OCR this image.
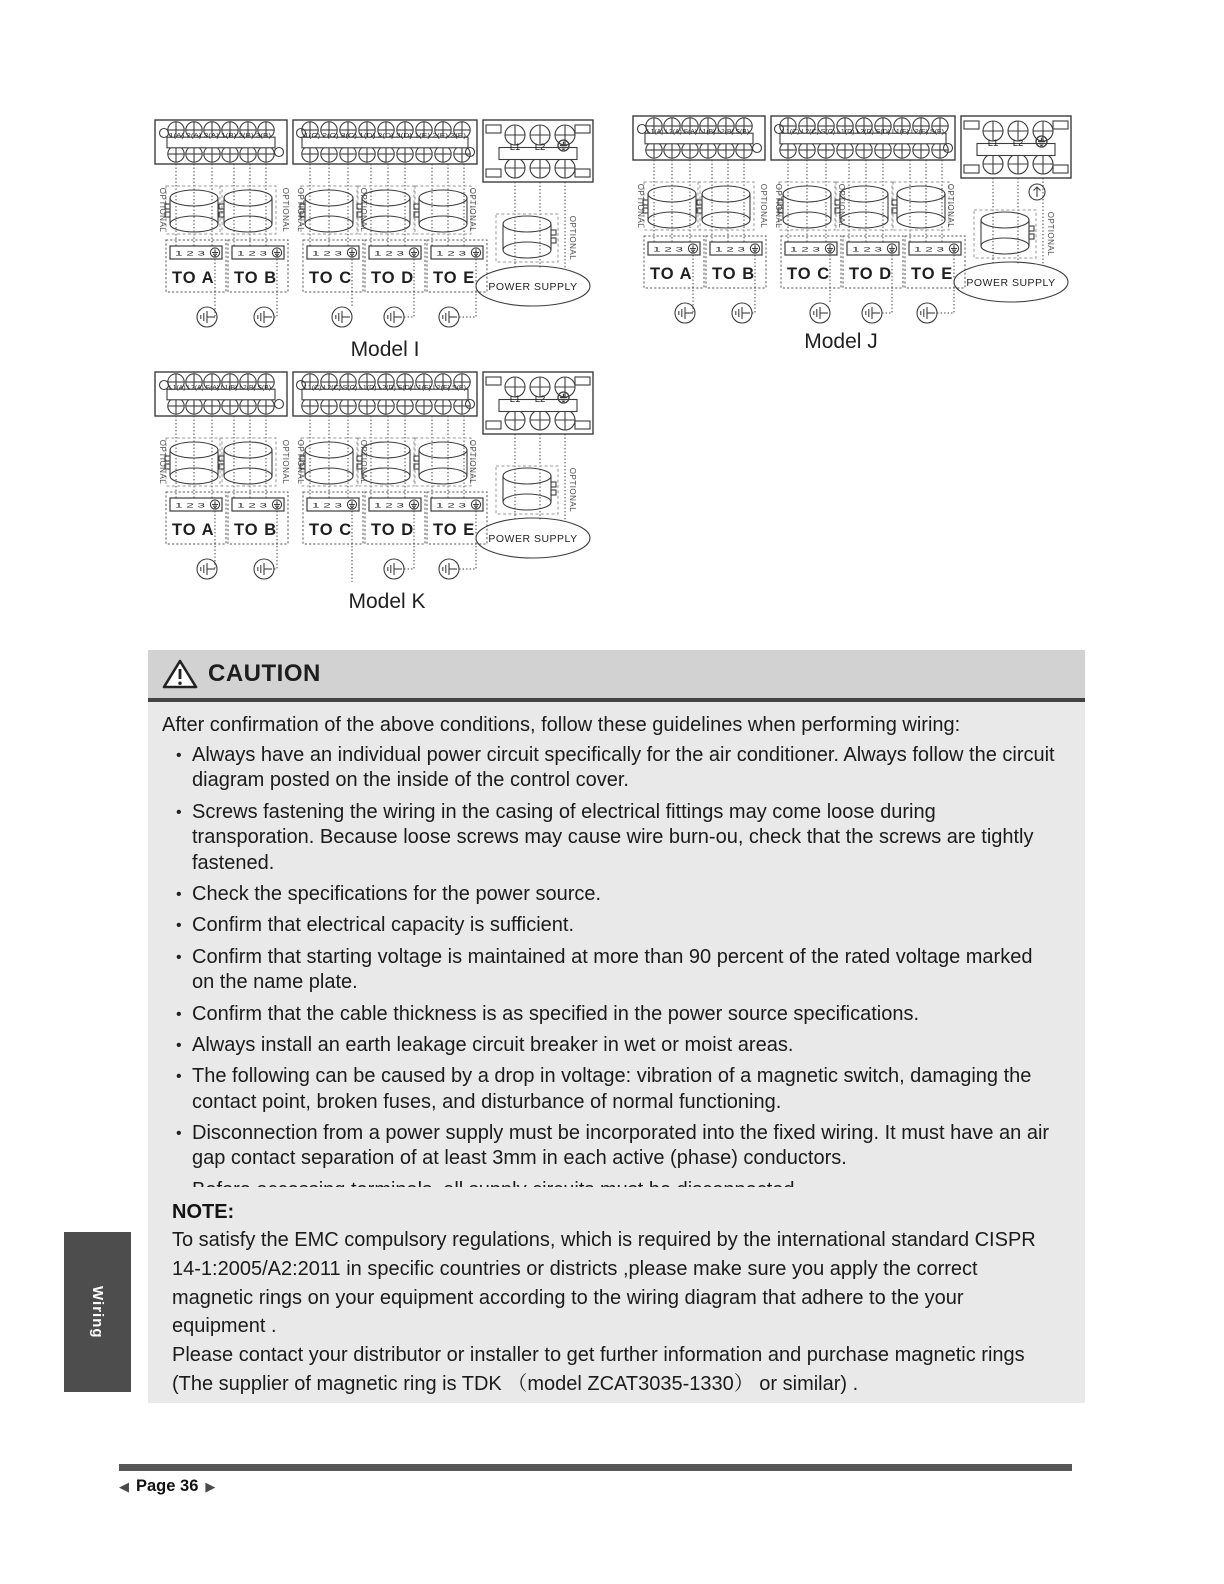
1(A) 2(A) 3(A) 1(B) 2(B) 3(B)	1(C) 2(C) 3(C) 1(D) 2(D) 3(D) 1(E) 2(E) 3(E)
L1 L2
OPTIONAL	OPTIONAL OPTIONAL	OPTIONAL	OPTIONAL
OPTIONAL
1 2 3
TO A
1 2 3
TO B
1 2 3
TO C
1 2 3
TO D
1 2 3
TO E POWER SUPPLY
Model I
L1(A) L2(A) S(A) L1(B) L2(B) S(B)	L1(C) L2(C) S(C) L1(D) L2(D) S(D) L1(E) L2(E) S(E)
L1 L2
OPTIONAL	OPTIONAL OPTIONAL	OPTIONAL	OPTIONAL
OPTIONAL
1 2 3
TO A
1 2 3
TO B
1 2 3
TO C
1 2 3
TO D
1 2 3
TO E POWER SUPPLY
Model J
L1(A) L2(A) S(A) L1(B) L2(B) S(B)	L1(C) L2(C) S(C) L1(D) L2(D) S(D) L1(E) L2(E) S(E)
L1 L2
OPTIONAL	OPTIONAL OPTIONAL	OPTIONAL	OPTIONAL
OPTIONAL
1 2 3
TO A
1 2 3
TO B
1 2 3
TO C
1 2 3
TO D
1 2 3
TO E POWER SUPPLY
Model K
CAUTION

After confirmation of the above conditions, follow these guidelines when performing wiring:

• Always have an individual power circuit specifically for the air conditioner. Always follow the circuit diagram posted on the inside of the control cover.
• Screws fastening the wiring in the casing of electrical fittings may come loose during transporation. Because loose screws may cause wire burn-ou, check that the screws are tightly fastened.
• Check the specifications for the power source.
• Confirm that electrical capacity is sufficient.
• Confirm that starting voltage is maintained at more than 90 percent of the rated voltage marked on the name plate.
• Confirm that the cable thickness is as specified in the power source specifications.
• Always install an earth leakage circuit breaker in wet or moist areas.
• The following can be caused by a drop in voltage: vibration of a magnetic switch, damaging the contact point, broken fuses, and disturbance of normal functioning.
• Disconnection from a power supply must be incorporated into the fixed wiring. It must have an air gap contact separation of at least 3mm in each active (phase) conductors.
•
NOTE:

To satisfy the EMC compulsory regulations, which is required by the international standard CISPR 14-1:2005/A2:2011 in specific countries or districts ,please make sure you apply the correct magnetic rings on your equipment according to the wiring diagram that adhere to the your equipment .

Please contact your distributor or installer to get further information and purchase magnetic rings (The supplier of magnetic ring is TDK （model ZCAT3035-1330） or similar) .

Wiring
◀ Page 36 ▶
